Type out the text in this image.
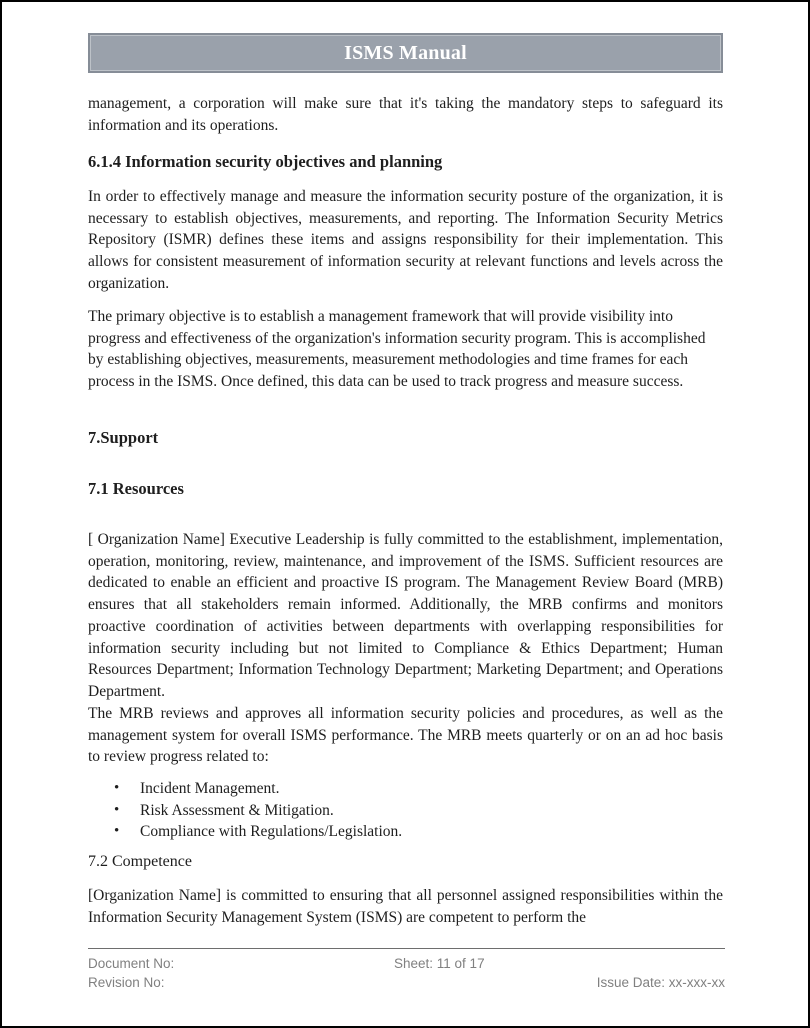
ISMS Manual

management, a corporation will make sure that it's taking the mandatory steps to safeguard its information and its operations.

6.1.4 Information security objectives and planning

In order to effectively manage and measure the information security posture of the organization, it is necessary to establish objectives, measurements, and reporting. The Information Security Metrics Repository (ISMR) defines these items and assigns responsibility for their implementation. This allows for consistent measurement of information security at relevant functions and levels across the organization.

The primary objective is to establish a management framework that will provide visibility into progress and effectiveness of the organization's information security program. This is accomplished by establishing objectives, measurements, measurement methodologies and time frames for each process in the ISMS. Once defined, this data can be used to track progress and measure success.

7.Support
7.1 Resources

[ Organization Name] Executive Leadership is fully committed to the establishment, implementation, operation, monitoring, review, maintenance, and improvement of the ISMS. Sufficient resources are dedicated to enable an efficient and proactive IS program. The Management Review Board (MRB) ensures that all stakeholders remain informed. Additionally, the MRB confirms and monitors proactive coordination of activities between departments with overlapping responsibilities for information security including but not limited to Compliance & Ethics Department; Human Resources Department; Information Technology Department; Marketing Department; and Operations Department.

The MRB reviews and approves all information security policies and procedures, as well as the management system for overall ISMS performance. The MRB meets quarterly or on an ad hoc basis to review progress related to:

• Incident Management.
• Risk Assessment & Mitigation.
• Compliance with Regulations/Legislation.

7.2 Competence

[Organization Name] is committed to ensuring that all personnel assigned responsibilities within the Information Security Management System (ISMS) are competent to perform the

Document No:	Sheet: 11 of 17
Revision No:	Issue Date: xx-xxx-xx
